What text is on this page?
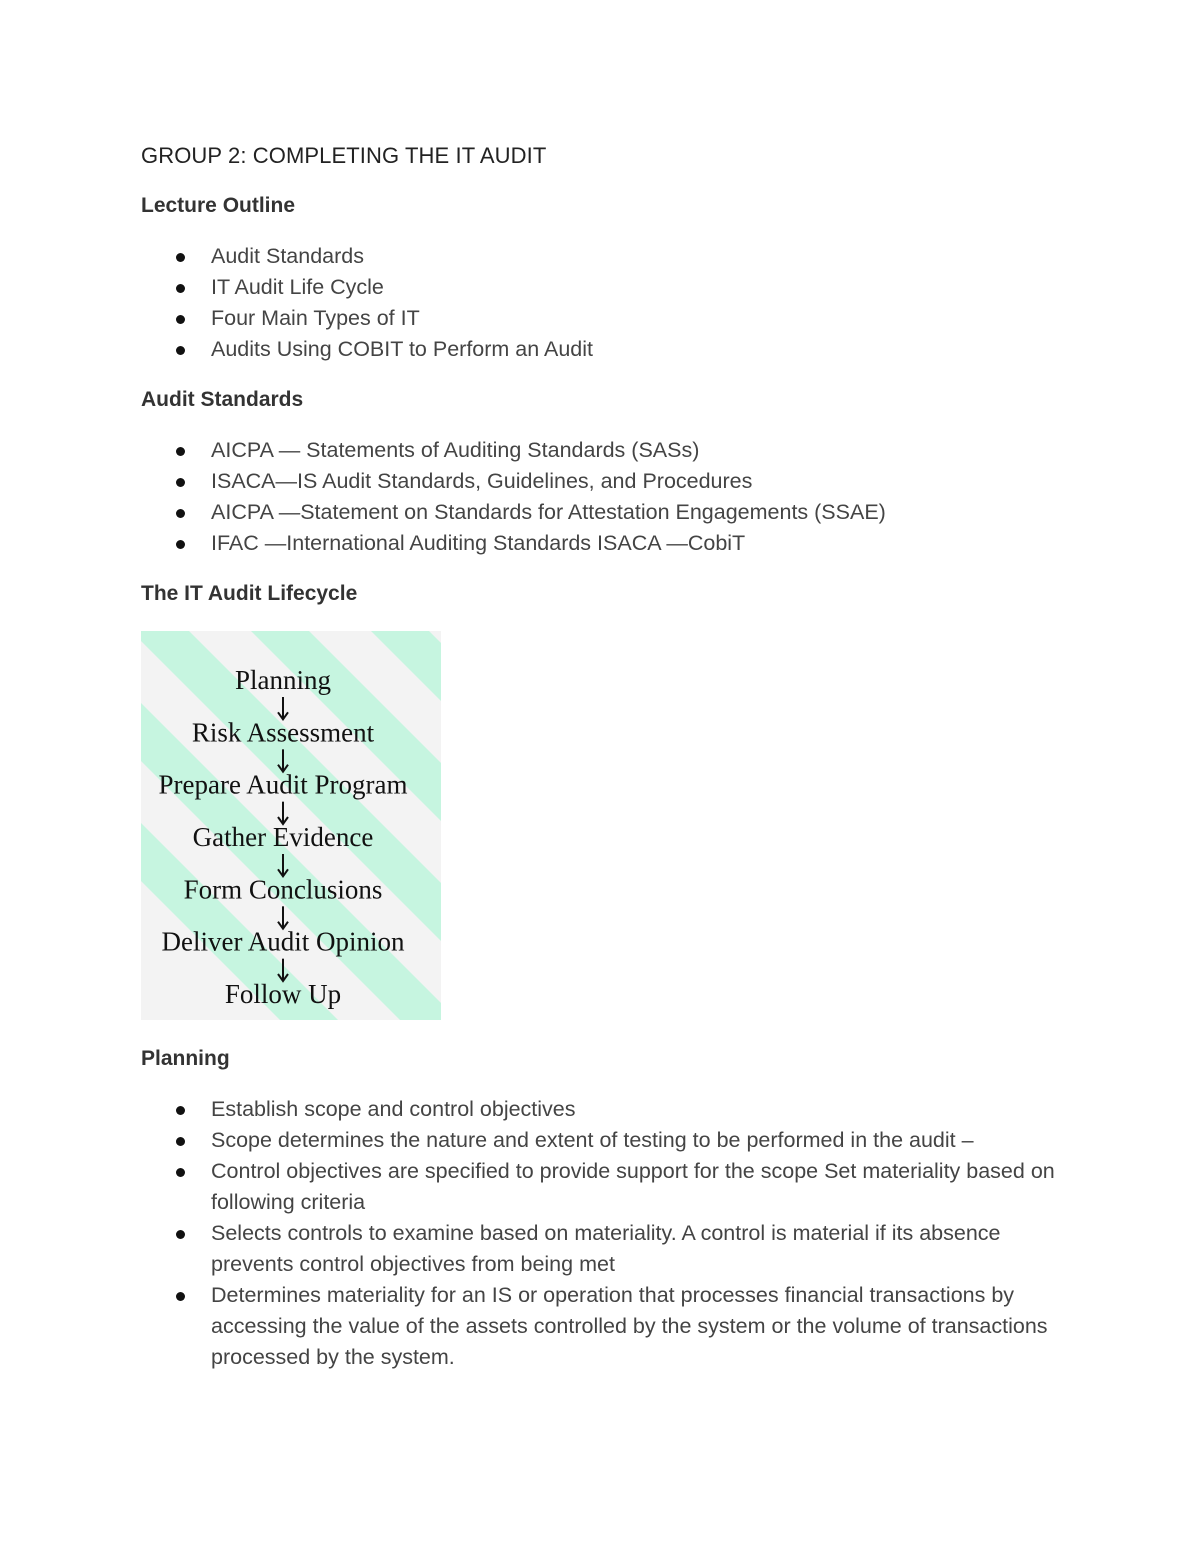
GROUP 2: COMPLETING THE IT AUDIT
Lecture Outline
Audit Standards
IT Audit Life Cycle
Four Main Types of IT
Audits Using COBIT to Perform an Audit
Audit Standards
AICPA — Statements of Auditing Standards (SASs)
ISACA—IS Audit Standards, Guidelines, and Procedures
AICPA —Statement on Standards for Attestation Engagements (SSAE)
IFAC —International Auditing Standards ISACA —CobiT
The IT Audit Lifecycle
Planning
Risk Assessment
Prepare Audit Program
Gather Evidence
Form Conclusions
Deliver Audit Opinion
Follow Up
Planning
Establish scope and control objectives
Scope determines the nature and extent of testing to be performed in the audit –
Control objectives are specified to provide support for the scope Set materiality based on following criteria
Selects controls to examine based on materiality. A control is material if its absence prevents control objectives from being met
Determines materiality for an IS or operation that processes financial transactions by accessing the value of the assets controlled by the system or the volume of transactions processed by the system.
